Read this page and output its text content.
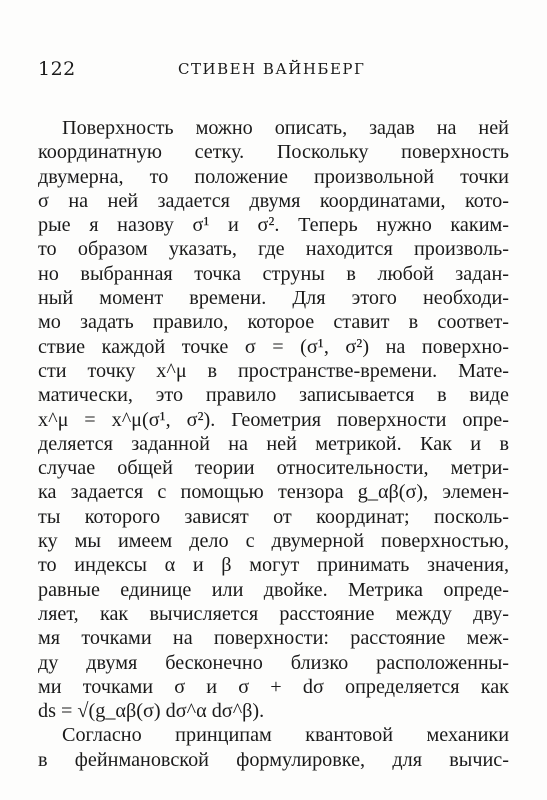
122	СТИВЕН ВАЙНБЕРГ
Поверхность можно описать, задав на ней
координатную сетку. Поскольку поверхность
двумерна, то положение произвольной точки
σ на ней задается двумя координатами, кото-
рые я назову σ¹ и σ². Теперь нужно каким-
то образом указать, где находится произволь-
но выбранная точка струны в любой задан-
ный момент времени. Для этого необходи-
мо задать правило, которое ставит в соответ-
ствие каждой точке σ = (σ¹, σ²) на поверхно-
сти точку x^μ в пространстве-времени. Мате-
матически, это правило записывается в виде
x^μ = x^μ(σ¹, σ²). Геометрия поверхности опре-
деляется заданной на ней метрикой. Как и в
случае общей теории относительности, метри-
ка задается с помощью тензора g_αβ(σ), элемен-
ты которого зависят от координат; посколь-
ку мы имеем дело с двумерной поверхностью,
то индексы α и β могут принимать значения,
равные единице или двойке. Метрика опреде-
ляет, как вычисляется расстояние между дву-
мя точками на поверхности: расстояние меж-
ду двумя бесконечно близко расположенны-
ми точками σ и σ + dσ определяется как
ds = √(g_αβ(σ) dσ^α dσ^β).
Согласно принципам квантовой механики
в фейнмановской формулировке, для вычис-
